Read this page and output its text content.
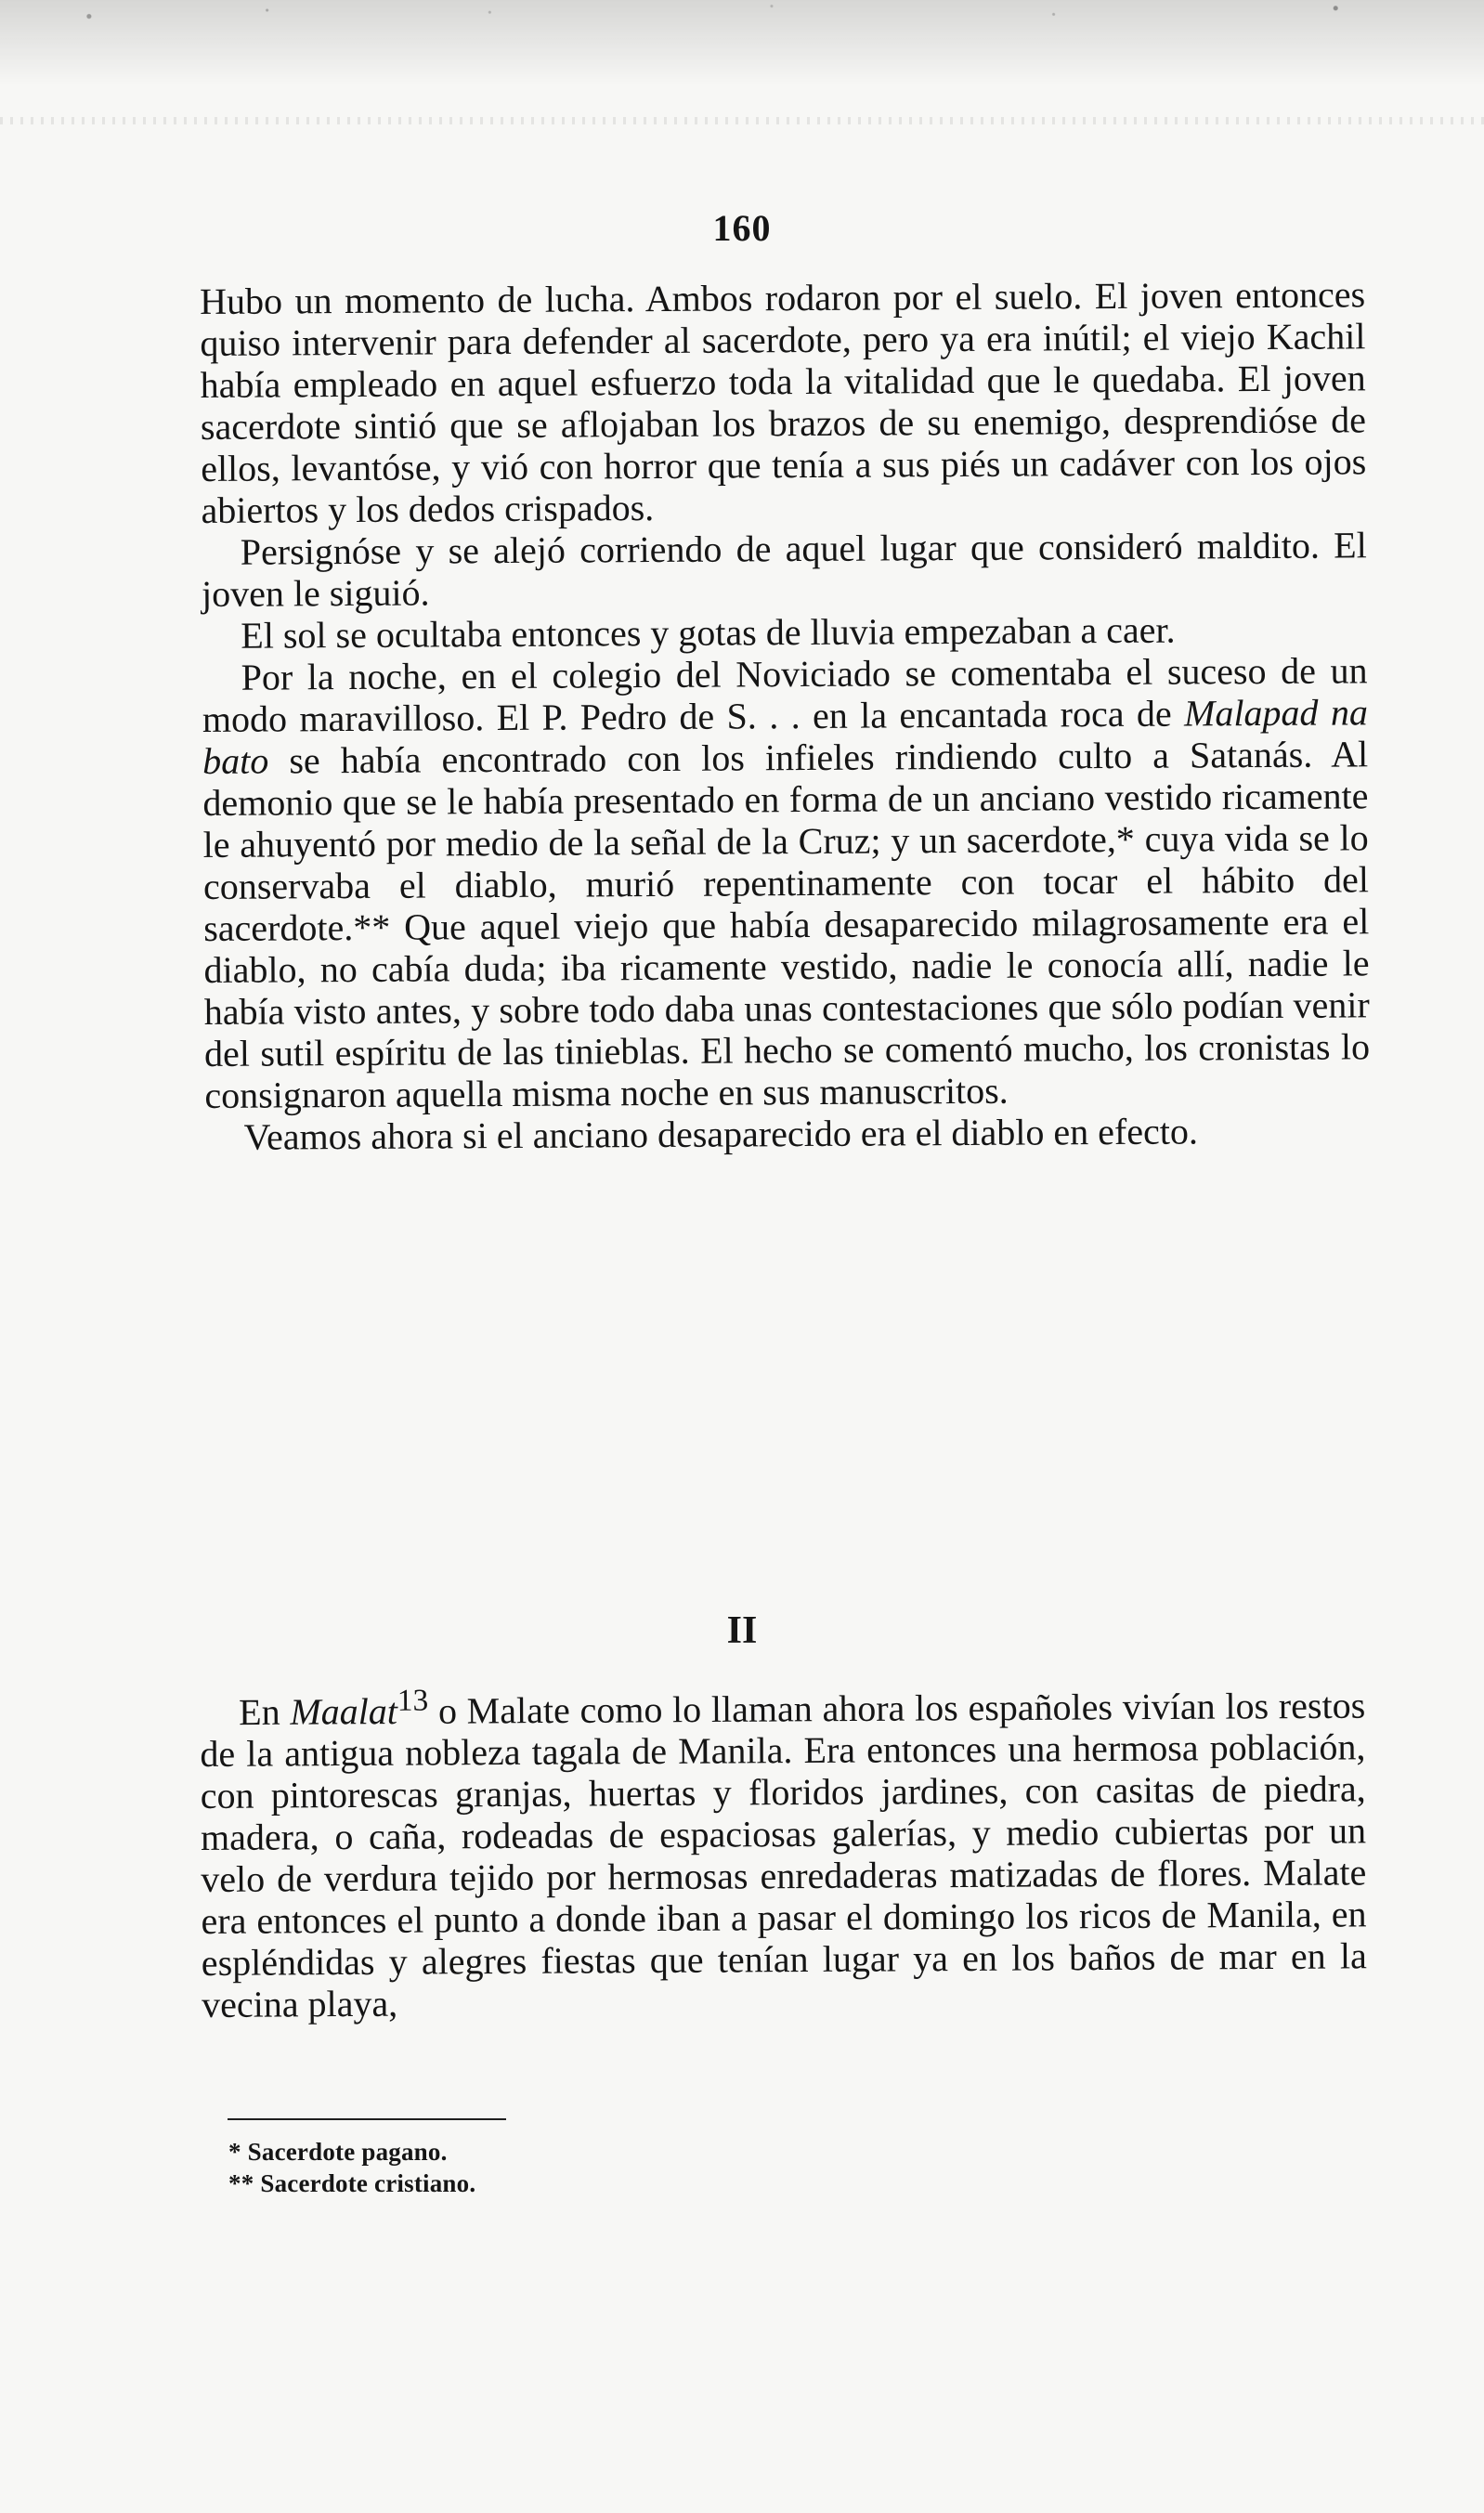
160

Hubo un momento de lucha. Ambos rodaron por el suelo. El joven entonces quiso intervenir para defender al sacerdote, pero ya era inútil; el viejo Kachil había empleado en aquel esfuerzo toda la vitalidad que le quedaba. El joven sacerdote sintió que se aflojaban los brazos de su enemigo, desprendióse de ellos, levantóse, y vió con horror que tenía a sus piés un cadáver con los ojos abiertos y los dedos crispados.

Persignóse y se alejó corriendo de aquel lugar que consideró maldito. El joven le siguió.

El sol se ocultaba entonces y gotas de lluvia empezaban a caer.

Por la noche, en el colegio del Noviciado se comentaba el suceso de un modo maravilloso. El P. Pedro de S. . . en la encantada roca de Malapad na bato se había encontrado con los infieles rindiendo culto a Satanás. Al demonio que se le había presentado en forma de un anciano vestido ricamente le ahuyentó por medio de la señal de la Cruz; y un sacerdote,* cuya vida se lo conservaba el diablo, murió repentinamente con tocar el hábito del sacerdote.** Que aquel viejo que había desaparecido milagrosamente era el diablo, no cabía duda; iba ricamente vestido, nadie le conocía allí, nadie le había visto antes, y sobre todo daba unas contestaciones que sólo podían venir del sutil espíritu de las tinieblas. El hecho se comentó mucho, los cronistas lo consignaron aquella misma noche en sus manuscritos.

Veamos ahora si el anciano desaparecido era el diablo en efecto.

II

En Maalat$^{13}$ o Malate como lo llaman ahora los españoles vivían los restos de la antigua nobleza tagala de Manila. Era entonces una hermosa población, con pintorescas granjas, huertas y floridos jardines, con casitas de piedra, madera, o caña, rodeadas de espaciosas galerías, y medio cubiertas por un velo de verdura tejido por hermosas enredaderas matizadas de flores. Malate era entonces el punto a donde iban a pasar el domingo los ricos de Manila, en espléndidas y alegres fiestas que tenían lugar ya en los baños de mar en la vecina playa,

* Sacerdote pagano.
** Sacerdote cristiano.
